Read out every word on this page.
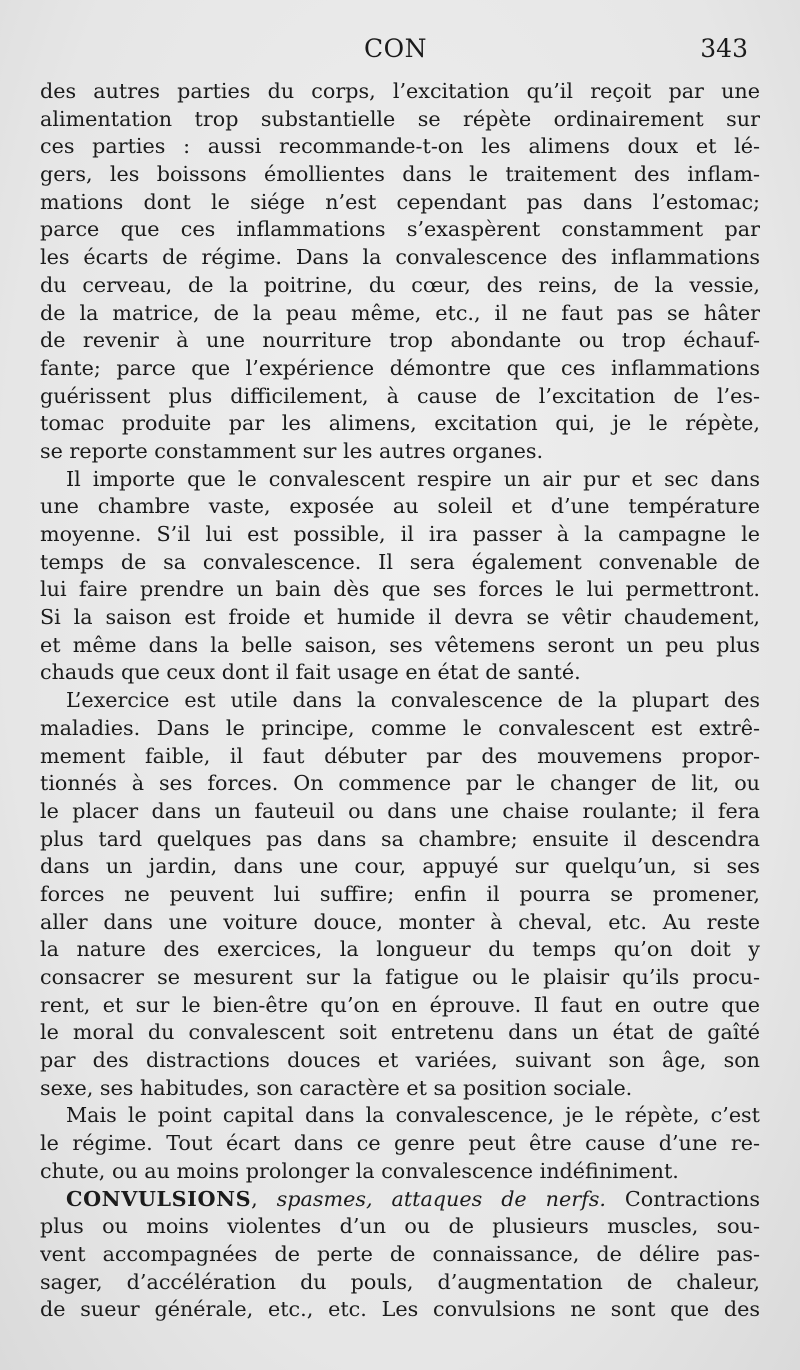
CON	343
des autres parties du corps, l’excitation qu’il reçoit par une
alimentation trop substantielle se répète ordinairement sur
ces parties : aussi recommande-t-on les alimens doux et lé-
gers, les boissons émollientes dans le traitement des inflam-
mations dont le siége n’est cependant pas dans l’estomac;
parce que ces inflammations s’exaspèrent constamment par
les écarts de régime. Dans la convalescence des inflammations
du cerveau, de la poitrine, du cœur, des reins, de la vessie,
de la matrice, de la peau même, etc., il ne faut pas se hâter
de revenir à une nourriture trop abondante ou trop échauf-
fante; parce que l’expérience démontre que ces inflammations
guérissent plus difficilement, à cause de l’excitation de l’es-
tomac produite par les alimens, excitation qui, je le répète,
se reporte constamment sur les autres organes.
Il importe que le convalescent respire un air pur et sec dans
une chambre vaste, exposée au soleil et d’une température
moyenne. S’il lui est possible, il ira passer à la campagne le
temps de sa convalescence. Il sera également convenable de
lui faire prendre un bain dès que ses forces le lui permettront.
Si la saison est froide et humide il devra se vêtir chaudement,
et même dans la belle saison, ses vêtemens seront un peu plus
chauds que ceux dont il fait usage en état de santé.
L’exercice est utile dans la convalescence de la plupart des
maladies. Dans le principe, comme le convalescent est extrê-
mement faible, il faut débuter par des mouvemens propor-
tionnés à ses forces. On commence par le changer de lit, ou
le placer dans un fauteuil ou dans une chaise roulante; il fera
plus tard quelques pas dans sa chambre; ensuite il descendra
dans un jardin, dans une cour, appuyé sur quelqu’un, si ses
forces ne peuvent lui suffire; enfin il pourra se promener,
aller dans une voiture douce, monter à cheval, etc. Au reste
la nature des exercices, la longueur du temps qu’on doit y
consacrer se mesurent sur la fatigue ou le plaisir qu’ils procu-
rent, et sur le bien-être qu’on en éprouve. Il faut en outre que
le moral du convalescent soit entretenu dans un état de gaîté
par des distractions douces et variées, suivant son âge, son
sexe, ses habitudes, son caractère et sa position sociale.
Mais le point capital dans la convalescence, je le répète, c’est
le régime. Tout écart dans ce genre peut être cause d’une re-
chute, ou au moins prolonger la convalescence indéfiniment.
CONVULSIONS, spasmes, attaques de nerfs. Contractions
plus ou moins violentes d’un ou de plusieurs muscles, sou-
vent accompagnées de perte de connaissance, de délire pas-
sager, d’accélération du pouls, d’augmentation de chaleur,
de sueur générale, etc., etc. Les convulsions ne sont que des
